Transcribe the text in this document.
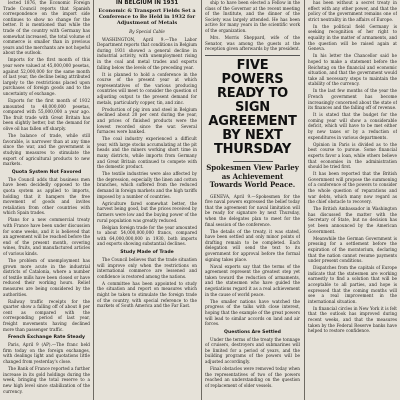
lected 1876, the Economic Foreign Trade Council reports that Spanish correspondence on the import side continues to show no change for the better. It is mentioned that while the trade of the country with Germany has somewhat increased, the total volume of commerce is smaller than in previous years and the merchants are not hopeful about the outlook.

Imports for the first month of this year were valued at 45,000,000 pesetas, against 52,000,000 for the same month of last year, the decline being attributed largely to the restrictions placed upon purchases of foreign goods and to the uncertainty of exchange.

Exports for the first month of 1932 amounted to 48,000,000 pesetas, compared with 55,000,000 a year ago. The fruit trade with Great Britain has been slightly better, but the demand for olive oil has fallen off sharply.

The balance of trade, while still favorable, is narrower than at any time since the war, and the government is studying measures to stimulate the export of agricultural products to new markets.

Quota System Not Favored

The Council adds that business men have been decidedly opposed to the quota system as applied to imports, holding that it hampers the free movement of goods and invites retaliation from other countries with which Spain trades.

Plans for a new commercial treaty with France have been under discussion for some weeks, and it is believed that an agreement will be reached before the end of the present month, covering wines, fruits, and manufactured articles of various kinds.

The problem of unemployment has grown more acute in the industrial districts of Catalonia, where a number of textile mills have been closed or have reduced their working hours. Relief measures are being considered by the authorities.

Railway traffic receipts for the quarter show a falling off of about 8 per cent as compared with the corresponding period of last year, freight movements having declined more than passenger traffic.

French Exchange Rate Steady

Paris, April 9 (AP).—The franc held firm today on the foreign exchanges, with dealings light and quotations little changed from yesterday's close.

The Bank of France reported a further increase in its gold holdings during the week, bringing the total reserve to a new high level since stabilization of the currency.

IN BELGIUM IN 1931
Economic & Transport Fields Set a Conference to Be Held in 1932 for Adjustment of Metals
By Special Cable

WASHINGTON, April 9.—The Labor Department reports that conditions in Belgium during 1931 showed a general decline in industrial activity, with unemployment rising in the coal and metal trades and exports falling below the levels of the preceding year.

It is planned to hold a conference in the course of the present year at which representatives of the various producing countries will meet to consider the question of adjusting output to the present demand for metals, particularly copper, tin, and zinc.

Production of pig iron and steel in Belgium declined about 20 per cent during the year, and prices of finished products were the lowest recorded since the war. Several furnaces were banked.

The coal industry experienced a difficult year, with large stocks accumulating at the pit heads and the miners working short time in many districts, while imports from Germany and Great Britain continued to compete with the domestic product.

The textile industries were also affected by the depression, especially the linen and cotton branches, which suffered from the reduced demand in foreign markets and the high tariffs imposed by a number of countries.

Agriculture fared somewhat better, the harvest being good, but the prices received by farmers were low and the buying power of the rural population was greatly reduced.

Belgian foreign trade for the year amounted to about 54,000,000,000 francs, compared with 64,000,000,000 in 1930, both imports and exports showing substantial declines.

Study Made of Trade

The Council believes that the trade situation will improve only when the restrictions on international commerce are lessened and confidence is restored among the nations.

A committee has been appointed to study the situation and report on measures which might be taken to stimulate the foreign trade of the country, with special reference to the markets of South America and the Far East.

ship to have been elected a Fellow in the class of the Governor at the recent meeting of the Institute, and the dinner of the Society was largely attended. He has been active for many years in the scientific work of the organization.

Mrs. Morris Sheppard, wife of the Senator, was among the guests at the reception given afterwards by the president.

FIVE POWERS READY TO SIGN AGREEMENT BY NEXT THURSDAY
Spokesmen View Parley as Achievement Towards World Peace.

GENEVA, April 9.—Spokesmen for the five naval powers expressed the belief today that the agreement for naval limitation will be ready for signature by next Thursday, when the delegates plan to meet for the final session of the conference.

The details of the treaty, it was stated, have been settled and only minor points of drafting remain to be completed. Each delegation will send the text to its government for approval before the formal signing takes place.

Naval experts say that the terms of the agreement represent the greatest step yet taken toward the reduction of armaments, and the statesmen who have guided the negotiations regard it as a real achievement in the cause of world peace.

The smaller nations have watched the progress of the talks with close interest, hoping that the example of the great powers will lead to similar accords on land and air forces.

Questions Are Settled

Under the terms of the treaty the tonnage of cruisers, destroyers and submarines will be limited for a period of years, and the building programs of the powers will be adjusted accordingly.

Final obstacles were removed today when the representatives of two of the powers reached an understanding on the question of replacement of older vessels.

has been without a secret treaty in effect with any other power, and that the policy of the government remains one of strict neutrality in the affairs of Europe.

In the political field Germany is seeking recognition of her right to equality in the matter of armaments, and the question will be raised again at Geneva.

In his letter the Chancellor said he hoped to make a statement before the Reichstag on the financial and economic situation, and that the government would take all necessary steps to maintain the stability of the currency.

In the last few months of the year the French government has become increasingly concerned about the state of its finances and the falling off of revenue.

It is stated that the budget for the coming year will show a considerable deficit, which will have to be met either by new taxes or by a reduction of expenditures in various departments.

Opinion in Paris is divided as to the best course to pursue. Some financial experts favor a loan, while others believe that economies in the administration should be tried first.

It has been reported that the British Government will propose the summoning of a conference of the powers to consider the whole question of reparations and war debts, which many now regard as the chief obstacle to recovery.

The British Ambassador in Washington has discussed the matter with the Secretary of State, but no decision has yet been announced by the American Government.

Meanwhile the German Government is pressing for a settlement before the expiration of the moratorium, declaring that the nation cannot resume payments under present conditions.

Dispatches from the capitals of Europe indicate that the statesmen are working earnestly to find a solution that will be acceptable to all parties, and hope is expressed that the coming months will see a real improvement in the international situation.

In financial circles in New York it is felt that the outlook has improved during recent weeks, and that the measures taken by the Federal Reserve banks have helped to restore confidence.
